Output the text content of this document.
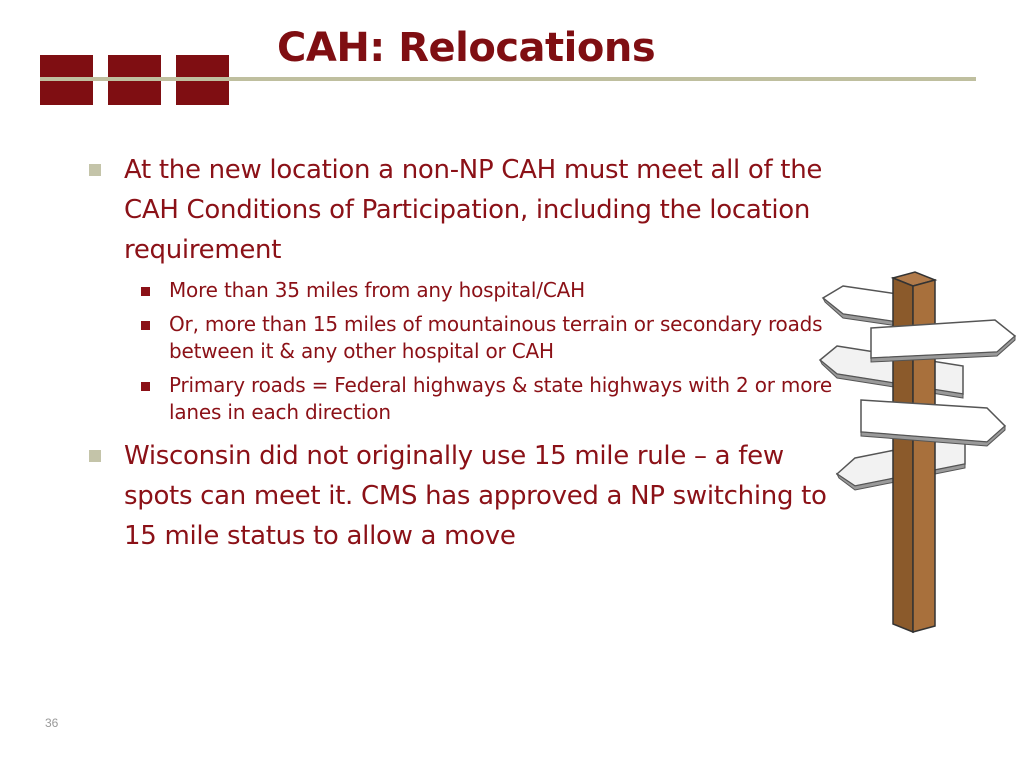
CAH: Relocations
At the new location a non-NP CAH must meet all of the CAH Conditions of Participation, including the location requirement
More than 35 miles from any hospital/CAH
Or, more than 15 miles of mountainous terrain or secondary roads between it & any other hospital or CAH
Primary roads = Federal highways & state highways with 2 or more lanes in each direction
Wisconsin did not originally use 15 mile rule – a few spots can meet it. CMS has approved a NP switching to 15 mile status to allow a move
36
